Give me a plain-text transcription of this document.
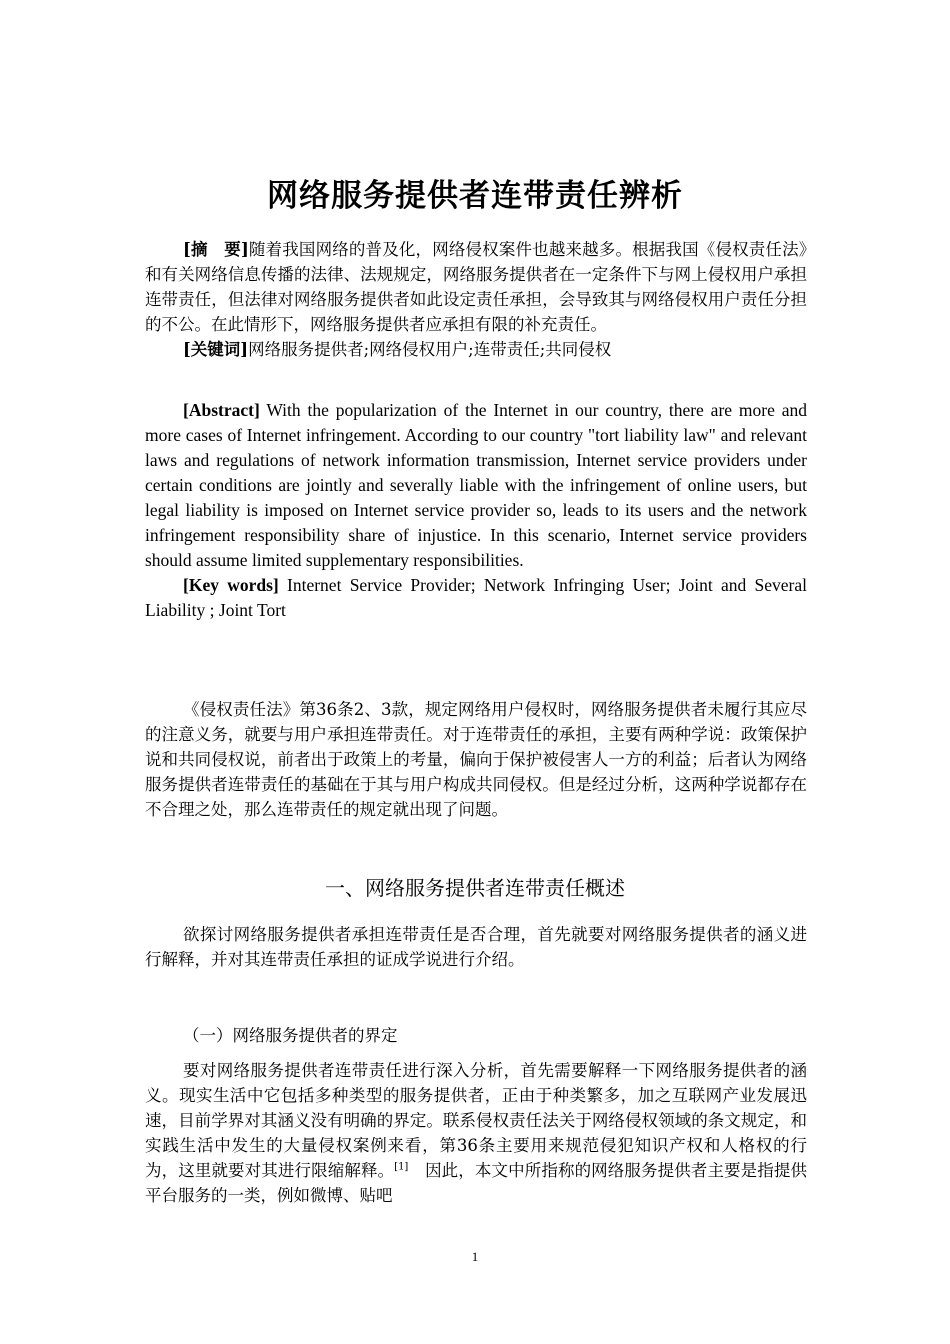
网络服务提供者连带责任辨析

[摘　要]随着我国网络的普及化，网络侵权案件也越来越多。根据我国《侵权责任法》和有关网络信息传播的法律、法规规定，网络服务提供者在一定条件下与网上侵权用户承担连带责任，但法律对网络服务提供者如此设定责任承担，会导致其与网络侵权用户责任分担的不公。在此情形下，网络服务提供者应承担有限的补充责任。

[关键词]网络服务提供者;网络侵权用户;连带责任;共同侵权

[Abstract] With the popularization of the Internet in our country, there are more and more cases of Internet infringement. According to our country "tort liability law" and relevant laws and regulations of network information transmission, Internet service providers under certain conditions are jointly and severally liable with the infringement of online users, but legal liability is imposed on Internet service provider so, leads to its users and the network infringement responsibility share of injustice. In this scenario, Internet service providers should assume limited supplementary responsibilities.

[Key words] Internet Service Provider; Network Infringing User; Joint and Several Liability ; Joint Tort

《侵权责任法》第36条2、3款，规定网络用户侵权时，网络服务提供者未履行其应尽的注意义务，就要与用户承担连带责任。对于连带责任的承担，主要有两种学说：政策保护说和共同侵权说，前者出于政策上的考量，偏向于保护被侵害人一方的利益；后者认为网络服务提供者连带责任的基础在于其与用户构成共同侵权。但是经过分析，这两种学说都存在不合理之处，那么连带责任的规定就出现了问题。

一、网络服务提供者连带责任概述

欲探讨网络服务提供者承担连带责任是否合理，首先就要对网络服务提供者的涵义进行解释，并对其连带责任承担的证成学说进行介绍。

（一）网络服务提供者的界定

要对网络服务提供者连带责任进行深入分析，首先需要解释一下网络服务提供者的涵义。现实生活中它包括多种类型的服务提供者，正由于种类繁多，加之互联网产业发展迅速，目前学界对其涵义没有明确的界定。联系侵权责任法关于网络侵权领域的条文规定，和实践生活中发生的大量侵权案例来看，第36条主要用来规范侵犯知识产权和人格权的行为，这里就要对其进行限缩解释。[1]　因此，本文中所指称的网络服务提供者主要是指提供平台服务的一类，例如微博、贴吧

1
